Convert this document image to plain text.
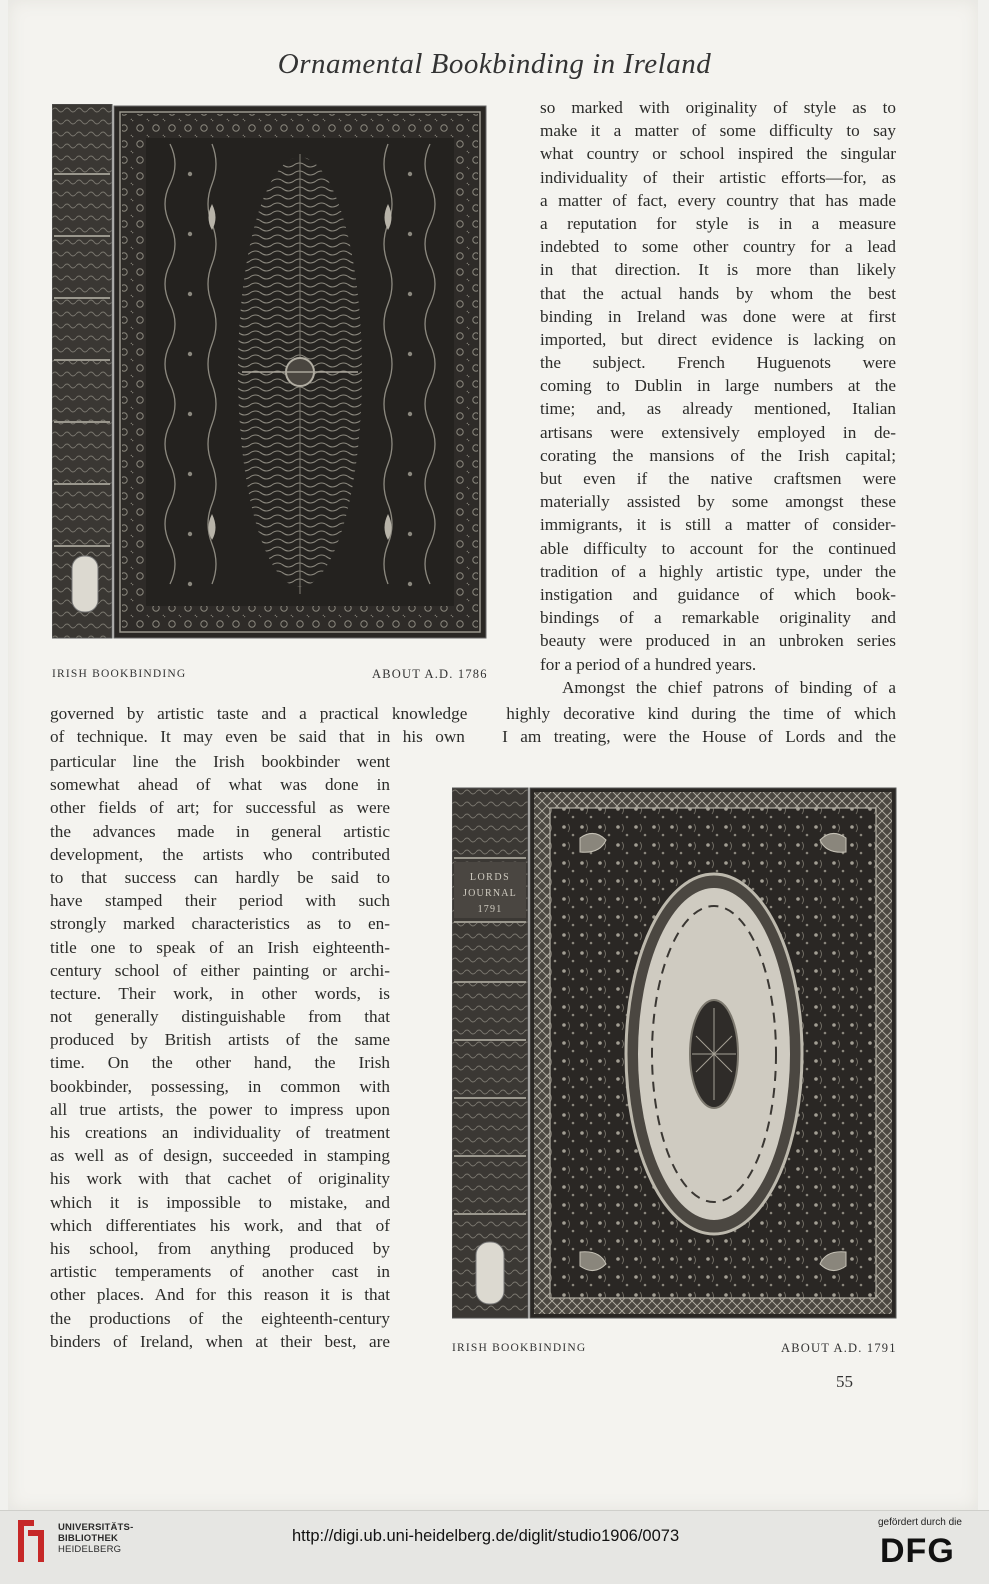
Ornamental Bookbinding in Ireland
IRISH BOOKBINDING	ABOUT A.D. 1786
so marked with originality of style as to
make it a matter of some difficulty to say
what country or school inspired the singular
individuality of their artistic efforts—for, as
a matter of fact, every country that has made
a reputation for style is in a measure
indebted to some other country for a lead
in that direction. It is more than likely
that the actual hands by whom the best
binding in Ireland was done were at first
imported, but direct evidence is lacking on
the subject. French Huguenots were
coming to Dublin in large numbers at the
time; and, as already mentioned, Italian
artisans were extensively employed in de-
corating the mansions of the Irish capital;
but even if the native craftsmen were
materially assisted by some amongst these
immigrants, it is still a matter of consider-
able difficulty to account for the continued
tradition of a highly artistic type, under the
instigation and guidance of which book-
bindings of a remarkable originality and
beauty were produced in an unbroken series
for a period of a hundred years.
Amongst the chief patrons of binding of a
governed by artistic taste and a practical knowledge   highly decorative kind during the time of which
of technique. It may even be said that in his own   I am treating, were the House of Lords and the
particular line the Irish bookbinder went
somewhat ahead of what was done in
other fields of art; for successful as were
the advances made in general artistic
development, the artists who contributed
to that success can hardly be said to
have stamped their period with such
strongly marked characteristics as to en-
title one to speak of an Irish eighteenth-
century school of either painting or archi-
tecture. Their work, in other words, is
not generally distinguishable from that
produced by British artists of the same
time. On the other hand, the Irish
bookbinder, possessing, in common with
all true artists, the power to impress upon
his creations an individuality of treatment
as well as of design, succeeded in stamping
his work with that cachet of originality
which it is impossible to mistake, and
which differentiates his work, and that of
his school, from anything produced by
artistic temperaments of another cast in
other places. And for this reason it is that
the productions of the eighteenth-century
binders of Ireland, when at their best, are
LORDS
JOURNAL
1791
IRISH BOOKBINDING	ABOUT A.D. 1791
55
UNIVERSITÄTS-
BIBLIOTHEK
HEIDELBERG
http://digi.ub.uni-heidelberg.de/diglit/studio1906/0073
gefördert durch die
DFG
